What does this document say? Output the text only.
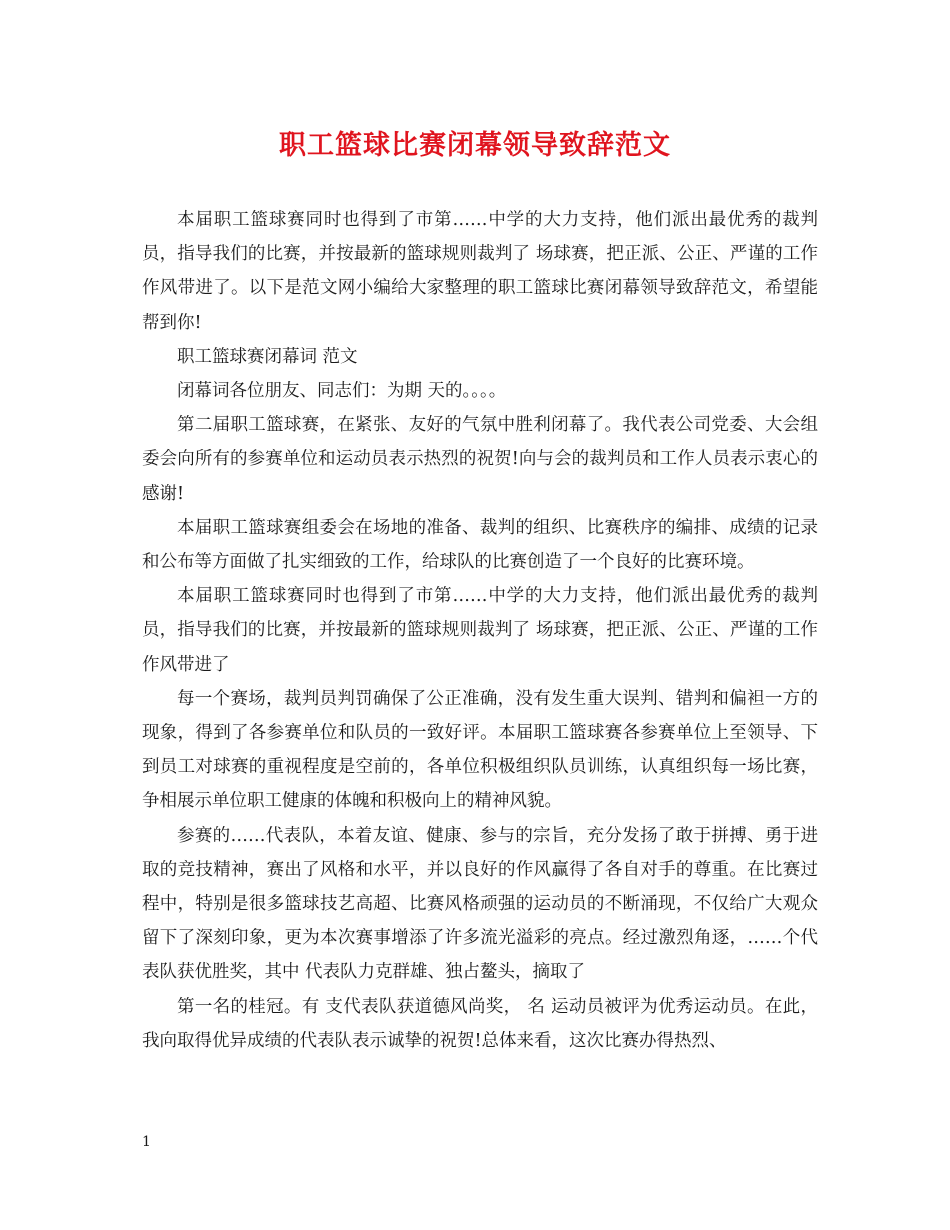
职工篮球比赛闭幕领导致辞范文

本届职工篮球赛同时也得到了市第……中学的大力支持，他们派出最优秀的裁判员，指导我们的比赛，并按最新的篮球规则裁判了 场球赛，把正派、公正、严谨的工作作风带进了。以下是范文网小编给大家整理的职工篮球比赛闭幕领导致辞范文，希望能帮到你!

职工篮球赛闭幕词 范文

闭幕词各位朋友、同志们：为期 天的。。。。

第二届职工篮球赛，在紧张、友好的气氛中胜利闭幕了。我代表公司党委、大会组委会向所有的参赛单位和运动员表示热烈的祝贺!向与会的裁判员和工作人员表示衷心的感谢!

本届职工篮球赛组委会在场地的准备、裁判的组织、比赛秩序的编排、成绩的记录和公布等方面做了扎实细致的工作，给球队的比赛创造了一个良好的比赛环境。

本届职工篮球赛同时也得到了市第……中学的大力支持，他们派出最优秀的裁判员，指导我们的比赛，并按最新的篮球规则裁判了 场球赛，把正派、公正、严谨的工作作风带进了

每一个赛场，裁判员判罚确保了公正准确，没有发生重大误判、错判和偏袒一方的现象，得到了各参赛单位和队员的一致好评。本届职工篮球赛各参赛单位上至领导、下到员工对球赛的重视程度是空前的，各单位积极组织队员训练，认真组织每一场比赛，争相展示单位职工健康的体魄和积极向上的精神风貌。

参赛的……代表队，本着友谊、健康、参与的宗旨，充分发扬了敢于拼搏、勇于进取的竞技精神，赛出了风格和水平，并以良好的作风赢得了各自对手的尊重。在比赛过程中，特别是很多篮球技艺高超、比赛风格顽强的运动员的不断涌现，不仅给广大观众留下了深刻印象，更为本次赛事增添了许多流光溢彩的亮点。经过激烈角逐，……个代表队获优胜奖，其中 代表队力克群雄、独占鳌头，摘取了

第一名的桂冠。有 支代表队获道德风尚奖， 名 运动员被评为优秀运动员。在此，我向取得优异成绩的代表队表示诚挚的祝贺!总体来看，这次比赛办得热烈、

1
